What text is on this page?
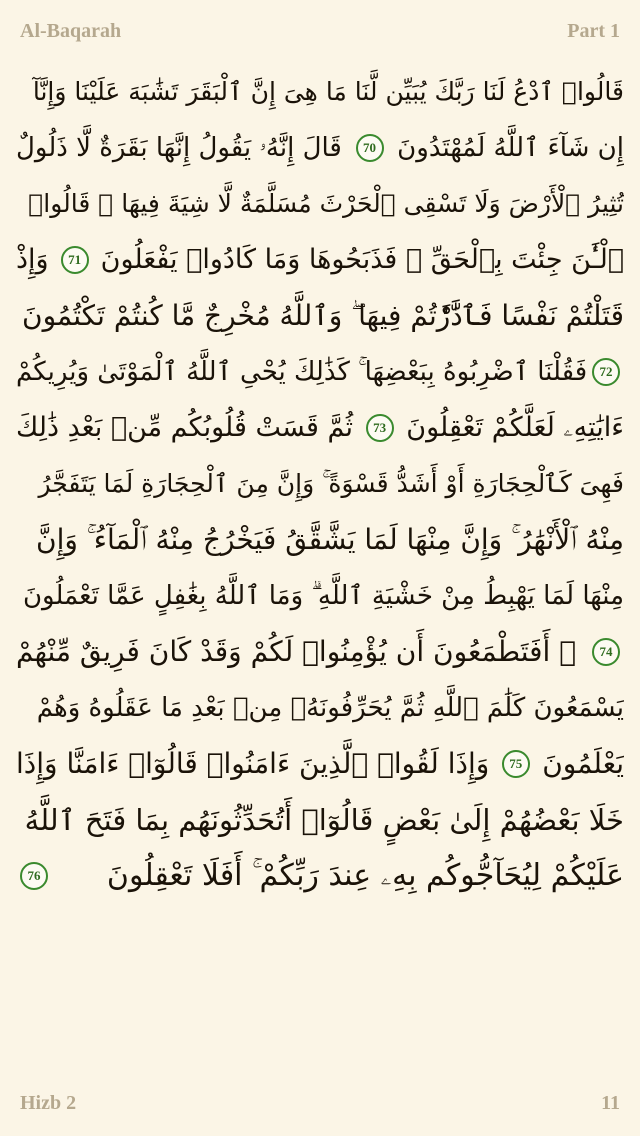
Al-Baqarah	Part 1
قَالُوا۟ ٱدْعُ لَنَا رَبَّكَ يُبَيِّن لَّنَا مَا هِىَ إِنَّ ٱلْبَقَرَ تَشَٰبَهَ عَلَيْنَا وَإِنَّآ
إِن شَآءَ ٱللَّهُ لَمُهْتَدُونَ
70
قَالَ إِنَّهُۥ يَقُولُ إِنَّهَا بَقَرَةٌ لَّا ذَلُولٌ
تُثِيرُ ٱلْأَرْضَ وَلَا تَسْقِى ٱلْحَرْثَ مُسَلَّمَةٌ لَّا شِيَةَ فِيهَا ۚ قَالُوا۟
ٱلْـَٰٔنَ جِئْتَ بِٱلْحَقِّ ۚ فَذَبَحُوهَا وَمَا كَادُوا۟ يَفْعَلُونَ
71
وَإِذْ
قَتَلْتُمْ نَفْسًا فَٱدَّٰرَْٰٔتُمْ فِيهَا ۖ وَٱللَّهُ مُخْرِجٌ مَّا كُنتُمْ تَكْتُمُونَ
72
فَقُلْنَا ٱضْرِبُوهُ بِبَعْضِهَا ۚ كَذَٰلِكَ يُحْىِ ٱللَّهُ ٱلْمَوْتَىٰ وَيُرِيكُمْ
ءَايَٰتِهِۦ لَعَلَّكُمْ تَعْقِلُونَ
73
ثُمَّ قَسَتْ قُلُوبُكُم مِّنۢ بَعْدِ ذَٰلِكَ
فَهِىَ كَٱلْحِجَارَةِ أَوْ أَشَدُّ قَسْوَةً ۚ وَإِنَّ مِنَ ٱلْحِجَارَةِ لَمَا يَتَفَجَّرُ
مِنْهُ ٱلْأَنْهَٰرُ ۚ وَإِنَّ مِنْهَا لَمَا يَشَّقَّقُ فَيَخْرُجُ مِنْهُ ٱلْمَآءُ ۚ وَإِنَّ
مِنْهَا لَمَا يَهْبِطُ مِنْ خَشْيَةِ ٱللَّهِ ۗ وَمَا ٱللَّهُ بِغَٰفِلٍ عَمَّا تَعْمَلُونَ
74
۞ أَفَتَطْمَعُونَ أَن يُؤْمِنُوا۟ لَكُمْ وَقَدْ كَانَ فَرِيقٌ مِّنْهُمْ
يَسْمَعُونَ كَلَٰمَ ٱللَّهِ ثُمَّ يُحَرِّفُونَهُۥ مِنۢ بَعْدِ مَا عَقَلُوهُ وَهُمْ
يَعْلَمُونَ
75
وَإِذَا لَقُوا۟ ٱلَّذِينَ ءَامَنُوا۟ قَالُوٓا۟ ءَامَنَّا وَإِذَا
خَلَا بَعْضُهُمْ إِلَىٰ بَعْضٍ قَالُوٓا۟ أَتُحَدِّثُونَهُم بِمَا فَتَحَ ٱللَّهُ
عَلَيْكُمْ لِيُحَآجُّوكُم بِهِۦ عِندَ رَبِّكُمْ ۚ أَفَلَا تَعْقِلُونَ
76
Hizb 2	11
